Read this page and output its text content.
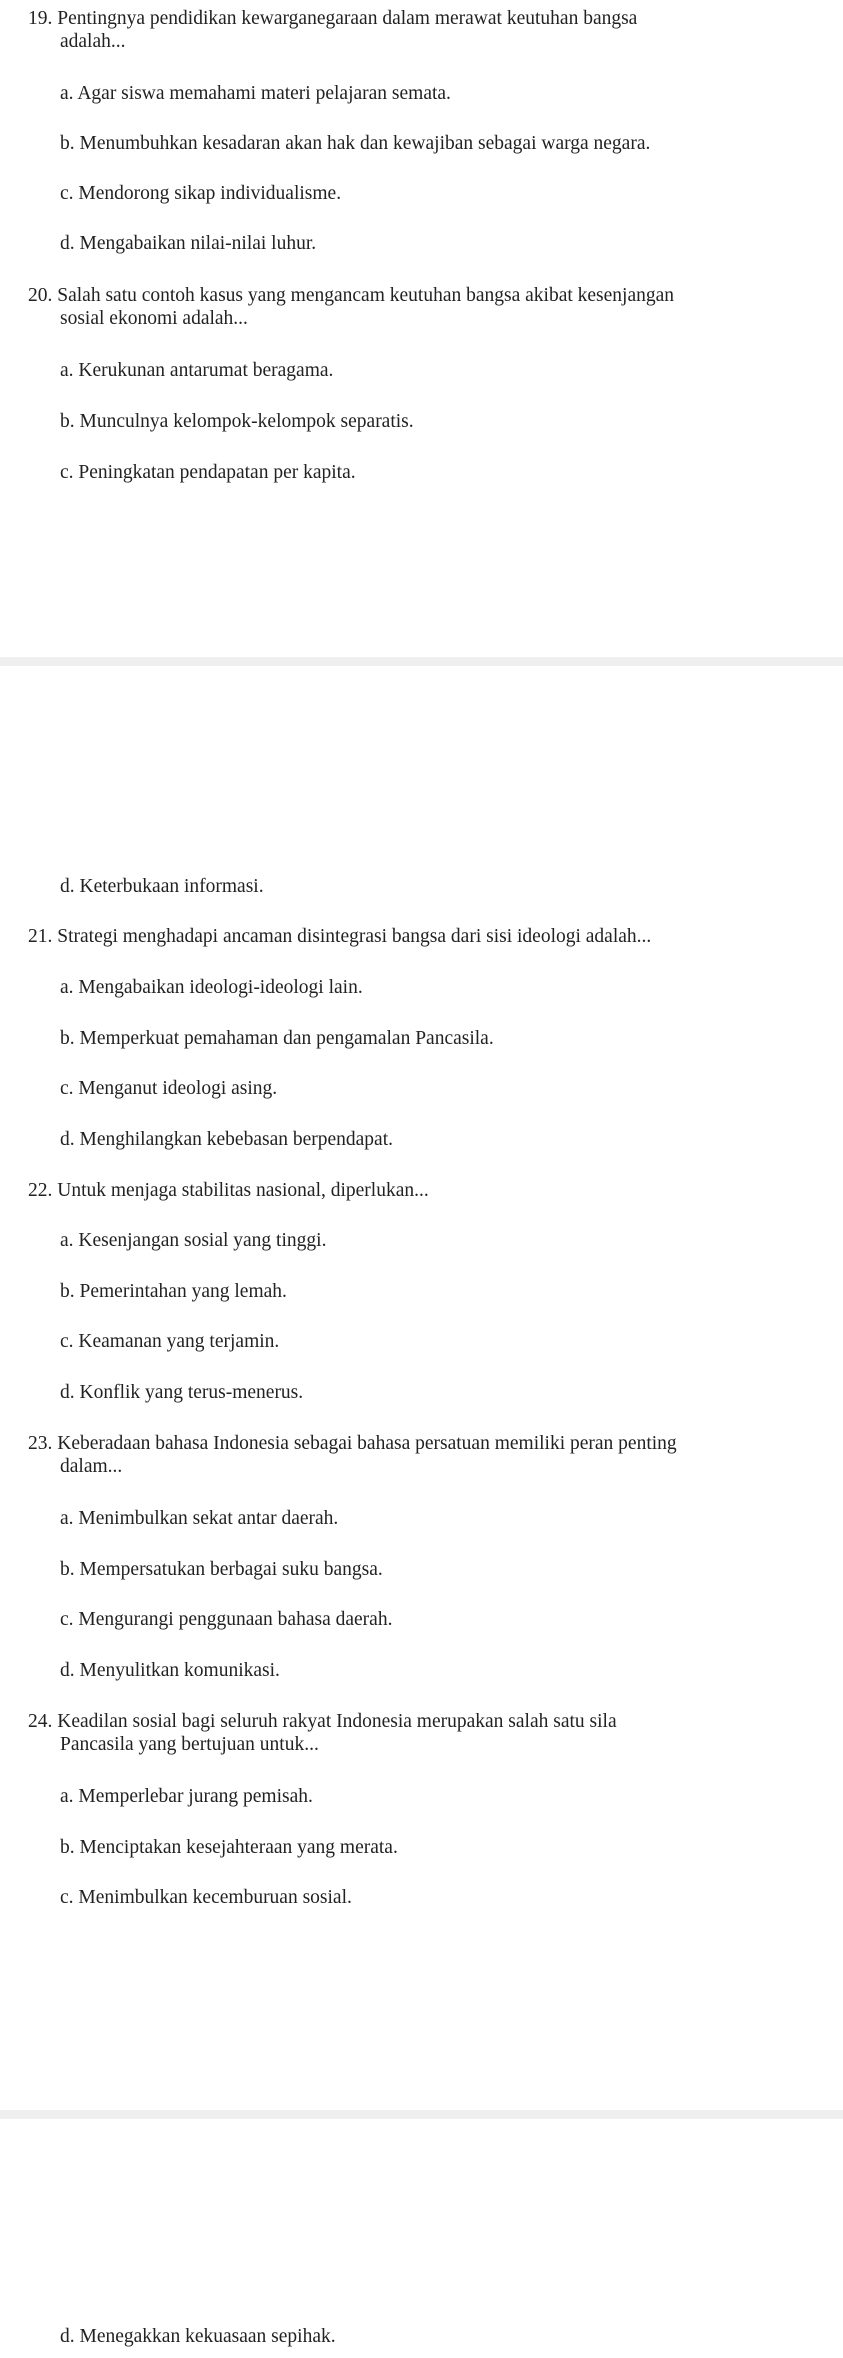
19. Pentingnya pendidikan kewarganegaraan dalam merawat keutuhan bangsa

adalah...

a. Agar siswa memahami materi pelajaran semata.

b. Menumbuhkan kesadaran akan hak dan kewajiban sebagai warga negara.

c. Mendorong sikap individualisme.

d. Mengabaikan nilai-nilai luhur.

20. Salah satu contoh kasus yang mengancam keutuhan bangsa akibat kesenjangan

sosial ekonomi adalah...

a. Kerukunan antarumat beragama.

b. Munculnya kelompok-kelompok separatis.

c. Peningkatan pendapatan per kapita.

d. Keterbukaan informasi.

21. Strategi menghadapi ancaman disintegrasi bangsa dari sisi ideologi adalah...

a. Mengabaikan ideologi-ideologi lain.

b. Memperkuat pemahaman dan pengamalan Pancasila.

c. Menganut ideologi asing.

d. Menghilangkan kebebasan berpendapat.

22. Untuk menjaga stabilitas nasional, diperlukan...

a. Kesenjangan sosial yang tinggi.

b. Pemerintahan yang lemah.

c. Keamanan yang terjamin.

d. Konflik yang terus-menerus.

23. Keberadaan bahasa Indonesia sebagai bahasa persatuan memiliki peran penting

dalam...

a. Menimbulkan sekat antar daerah.

b. Mempersatukan berbagai suku bangsa.

c. Mengurangi penggunaan bahasa daerah.

d. Menyulitkan komunikasi.

24. Keadilan sosial bagi seluruh rakyat Indonesia merupakan salah satu sila

Pancasila yang bertujuan untuk...

a. Memperlebar jurang pemisah.

b. Menciptakan kesejahteraan yang merata.

c. Menimbulkan kecemburuan sosial.

d. Menegakkan kekuasaan sepihak.
